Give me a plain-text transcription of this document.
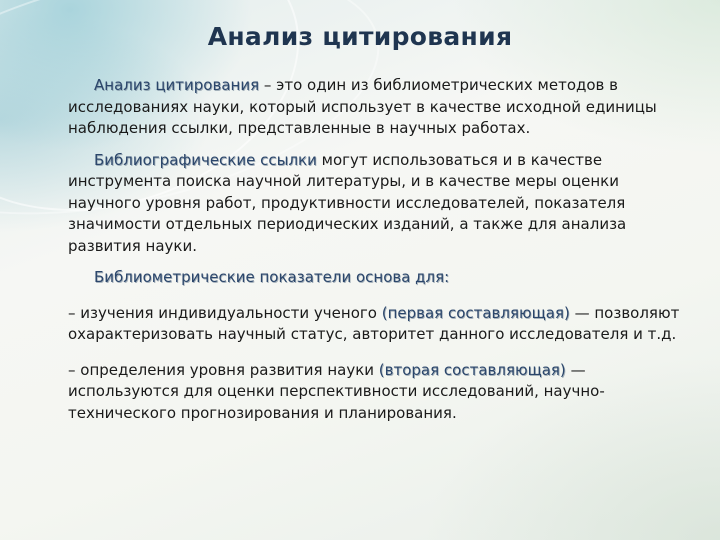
Анализ цитирования

Анализ цитирования – это один из библиометрических методов в исследованиях науки, который использует в качестве исходной единицы наблюдения ссылки, представленные в научных работах.

Библиографические ссылки могут использоваться и в качестве инструмента поиска научной литературы, и в качестве меры оценки научного уровня работ, продуктивности исследователей, показателя значимости отдельных периодических изданий, а также для анализа развития науки.

Библиометрические показатели основа для:

– изучения индивидуальности ученого (первая составляющая) — позволяют охарактеризовать научный статус, авторитет данного исследователя и т.д.

– определения уровня развития науки (вторая составляющая) — используются для оценки перспективности исследований, научно-технического прогнозирования и планирования.
